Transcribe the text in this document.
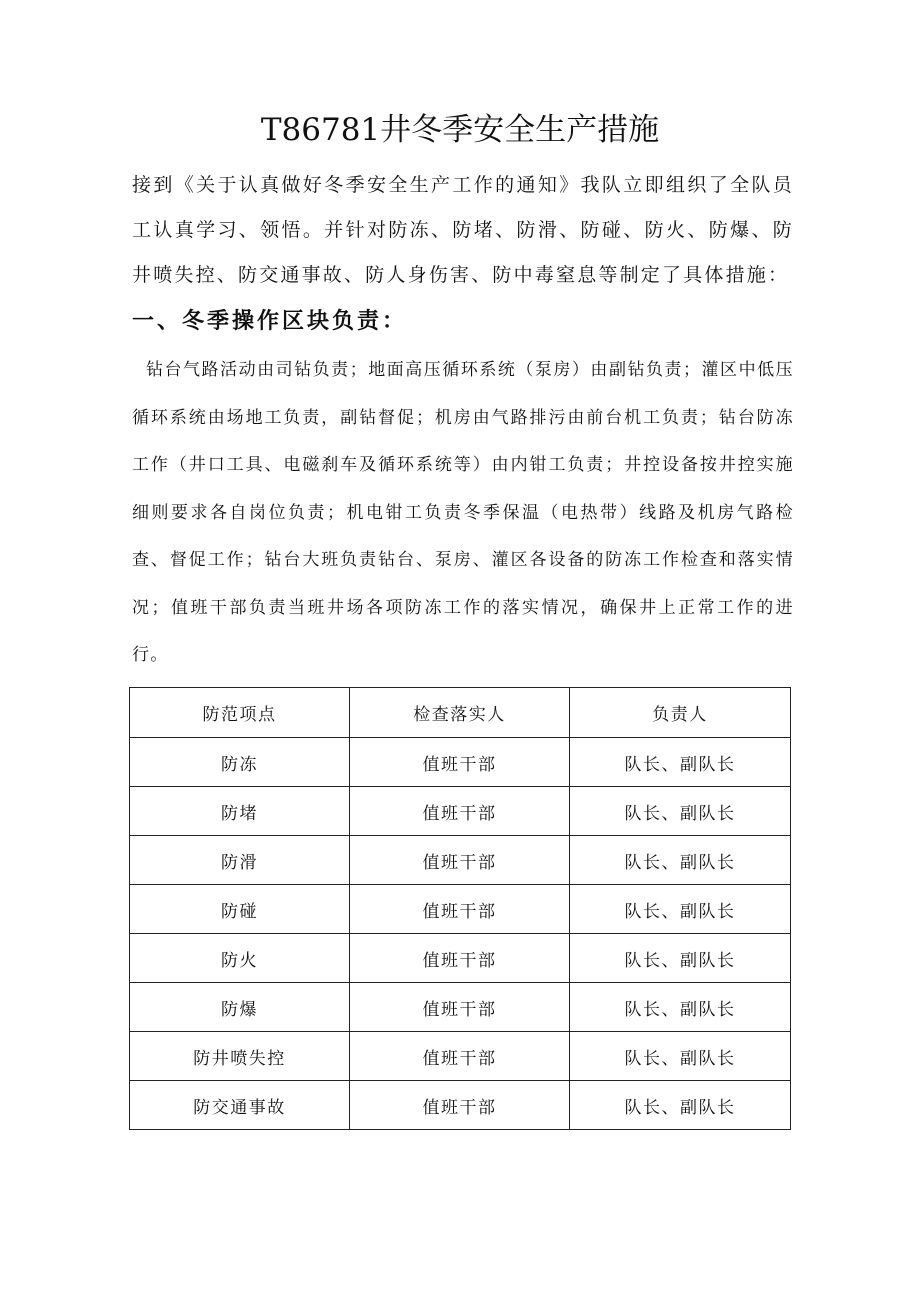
T86781井冬季安全生产措施

接到《关于认真做好冬季安全生产工作的通知》我队立即组织了全队员工认真学习、领悟。并针对防冻、防堵、防滑、防碰、防火、防爆、防井喷失控、防交通事故、防人身伤害、防中毒窒息等制定了具体措施：

一、冬季操作区块负责：

钻台气路活动由司钻负责；地面高压循环系统（泵房）由副钻负责；灌区中低压循环系统由场地工负责，副钻督促；机房由气路排污由前台机工负责；钻台防冻工作（井口工具、电磁刹车及循环系统等）由内钳工负责；井控设备按井控实施细则要求各自岗位负责；机电钳工负责冬季保温（电热带）线路及机房气路检查、督促工作；钻台大班负责钻台、泵房、灌区各设备的防冻工作检查和落实情况；值班干部负责当班井场各项防冻工作的落实情况，确保井上正常工作的进行。

防范项点	检查落实人	负责人
防冻	值班干部	队长、副队长
防堵	值班干部	队长、副队长
防滑	值班干部	队长、副队长
防碰	值班干部	队长、副队长
防火	值班干部	队长、副队长
防爆	值班干部	队长、副队长
防井喷失控	值班干部	队长、副队长
防交通事故	值班干部	队长、副队长
